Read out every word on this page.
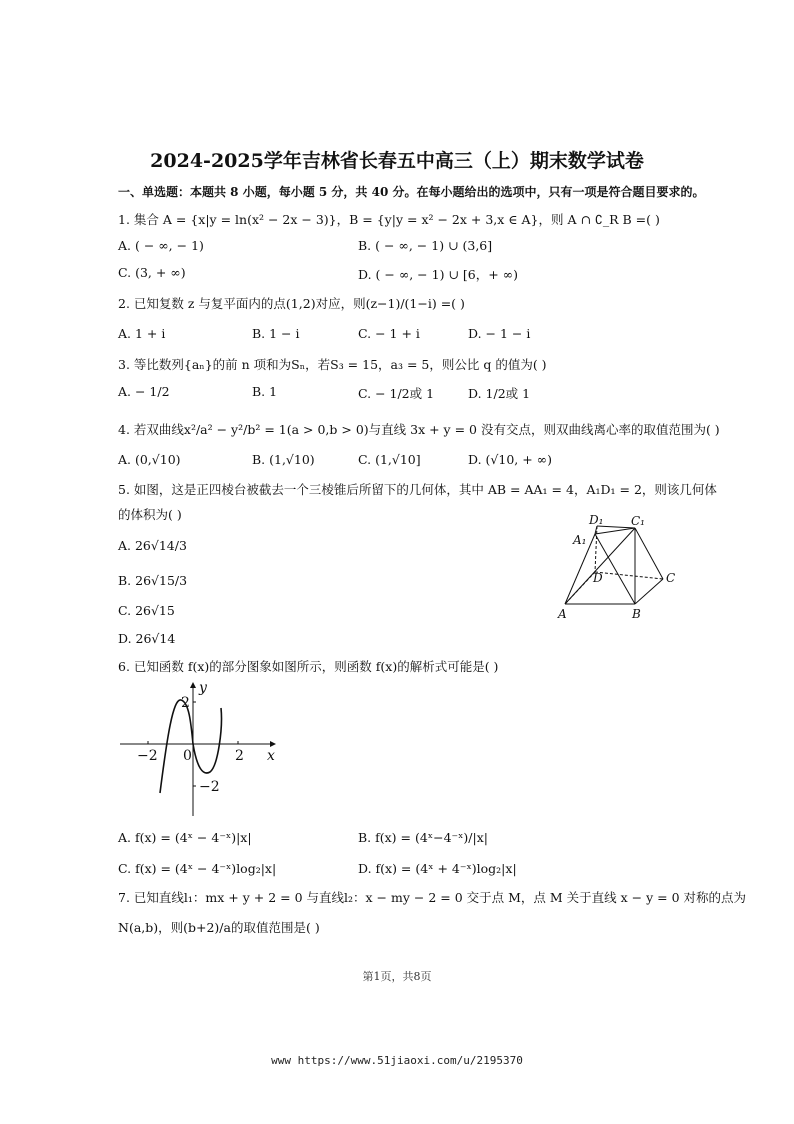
2024-2025学年吉林省长春五中高三（上）期末数学试卷
一、单选题：本题共 8 小题，每小题 5 分，共 40 分。在每小题给出的选项中，只有一项是符合题目要求的。
1. 集合 A = {x|y = ln(x² − 2x − 3)}，B = {y|y = x² − 2x + 3,x ∈ A}，则 A ∩ ∁_R B =( )
A. ( − ∞, − 1)	B. ( − ∞, − 1) ∪ (3,6]
C. (3, + ∞)	D. ( − ∞, − 1) ∪ [6，+ ∞)
2. 已知复数 z 与复平面内的点(1,2)对应，则(z−1)/(1−i) =( )
A. 1 + i	B. 1 − i	C. − 1 + i	D. − 1 − i
3. 等比数列{aₙ}的前 n 项和为Sₙ，若S₃ = 15，a₃ = 5，则公比 q 的值为( )
A. − 1/2	B. 1	C. − 1/2或 1	D. 1/2或 1
4. 若双曲线x²/a² − y²/b² = 1(a > 0,b > 0)与直线 3x + y = 0 没有交点，则双曲线离心率的取值范围为( )
A. (0,√10)	B. (1,√10)	C. (1,√10]	D. (√10, + ∞)
5. 如图，这是正四棱台被截去一个三棱锥后所留下的几何体，其中 AB = AA₁ = 4，A₁D₁ = 2，则该几何体
的体积为( )
A. 26√14/3
B. 26√15/3
C. 26√15
D. 26√14
D₁ C₁
A₁
D	C
A	B
6. 已知函数 f(x)的部分图象如图所示，则函数 f(x)的解析式可能是( )
y
x
2
−2 0	2
−2
A. f(x) = (4ˣ − 4⁻ˣ)|x|	B. f(x) = (4ˣ−4⁻ˣ)/|x|
C. f(x) = (4ˣ − 4⁻ˣ)log₂|x|	D. f(x) = (4ˣ + 4⁻ˣ)log₂|x|
7. 已知直线l₁：mx + y + 2 = 0 与直线l₂：x − my − 2 = 0 交于点 M，点 M 关于直线 x − y = 0 对称的点为
N(a,b)，则(b+2)/a的取值范围是( )
第1页，共8页
www https://www.51jiaoxi.com/u/2195370
